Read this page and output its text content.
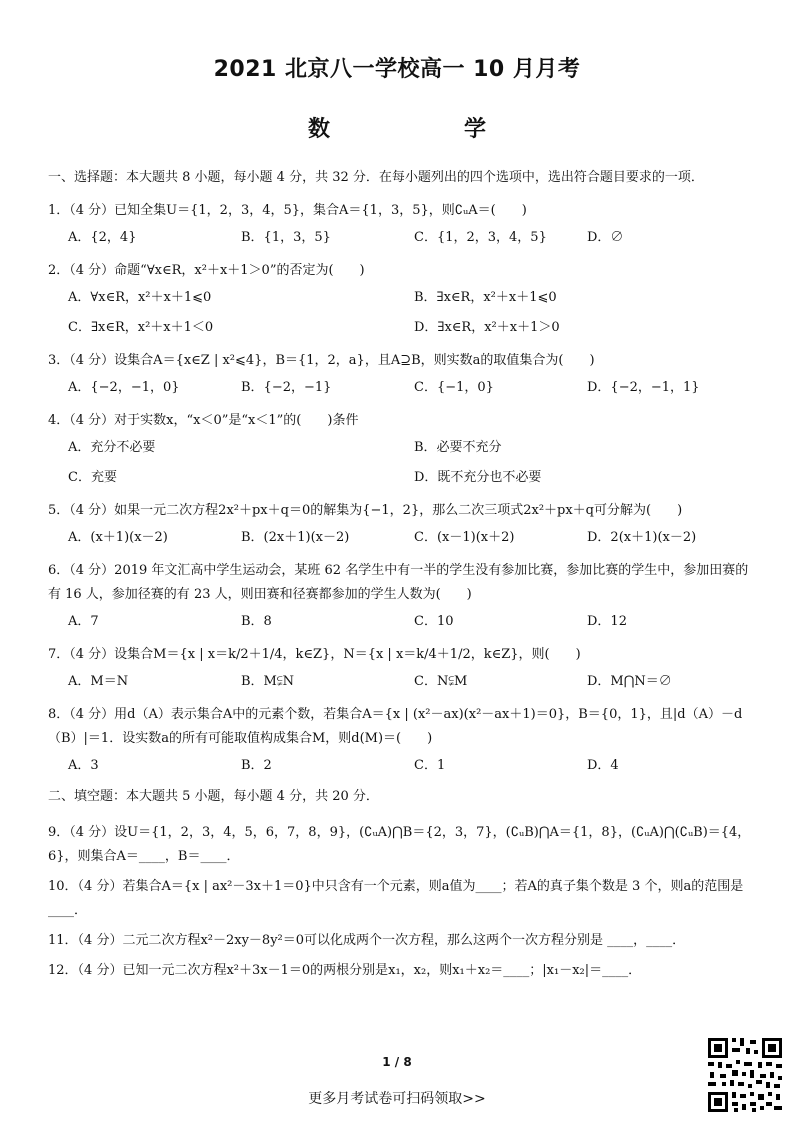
2021 北京八一学校高一 10 月月考
数　　学
一、选择题：本大题共 8 小题，每小题 4 分，共 32 分．在每小题列出的四个选项中，选出符合题目要求的一项．
1．（4 分）已知全集U＝{1，2，3，4，5}，集合A＝{1，3，5}，则∁ᵤA＝(　　)
A．{2，4}	B．{1，3，5}	C．{1，2，3，4，5}	D．∅
2．（4 分）命题“∀x∈R，x²＋x＋1＞0”的否定为(　　)
A．∀x∈R，x²＋x＋1⩽0	B．∃x∈R，x²＋x＋1⩽0
C．∃x∈R，x²＋x＋1＜0	D．∃x∈R，x²＋x＋1＞0
3．（4 分）设集合A＝{x∈Z | x²⩽4}，B＝{1，2，a}，且A⊇B，则实数a的取值集合为(　　)
A．{−2，−1，0}	B．{−2，−1}	C．{−1，0}	D．{−2，−1，1}
4．（4 分）对于实数x，“x＜0”是“x＜1”的(　　)条件
A．充分不必要	B．必要不充分
C．充要	D．既不充分也不必要
5．（4 分）如果一元二次方程2x²＋px＋q＝0的解集为{−1，2}，那么二次三项式2x²＋px＋q可分解为(　　)
A．(x＋1)(x－2)	B．(2x＋1)(x－2)	C．(x－1)(x＋2)	D．2(x＋1)(x－2)
6．（4 分）2019 年文汇高中学生运动会，某班 62 名学生中有一半的学生没有参加比赛，参加比赛的学生中，参加田赛的有 16 人，参加径赛的有 23 人，则田赛和径赛都参加的学生人数为(　　)
A．7	B．8	C．10	D．12
7．（4 分）设集合M＝{x | x＝k/2＋1/4，k∈Z}，N＝{x | x＝k/4＋1/2，k∈Z}，则(　　)
A．M＝N	B．M⫋N	C．N⫋M	D．M⋂N＝∅
8．（4 分）用d（A）表示集合A中的元素个数，若集合A＝{x | (x²－ax)(x²－ax＋1)＝0}，B＝{0，1}，且|d（A）－d（B）|＝1．设实数a的所有可能取值构成集合M，则d(M)＝(　　)
A．3	B．2	C．1	D．4
二、填空题：本大题共 5 小题，每小题 4 分，共 20 分．
9．（4 分）设U＝{1，2，3，4，5，6，7，8，9}，(∁ᵤA)⋂B＝{2，3，7}，(∁ᵤB)⋂A＝{1，8}，(∁ᵤA)⋂(∁ᵤB)＝{4，6}，则集合A＝____，B＝____．
10．（4 分）若集合A＝{x | ax²－3x＋1＝0}中只含有一个元素，则a值为____；若A的真子集个数是 3 个，则a的范围是____．
11．（4 分）二元二次方程x²－2xy－8y²＝0可以化成两个一次方程，那么这两个一次方程分别是 ____，____．
12．（4 分）已知一元二次方程x²＋3x－1＝0的两根分别是x₁，x₂，则x₁＋x₂＝____；|x₁－x₂|＝____．
1 / 8
更多月考试卷可扫码领取>>
